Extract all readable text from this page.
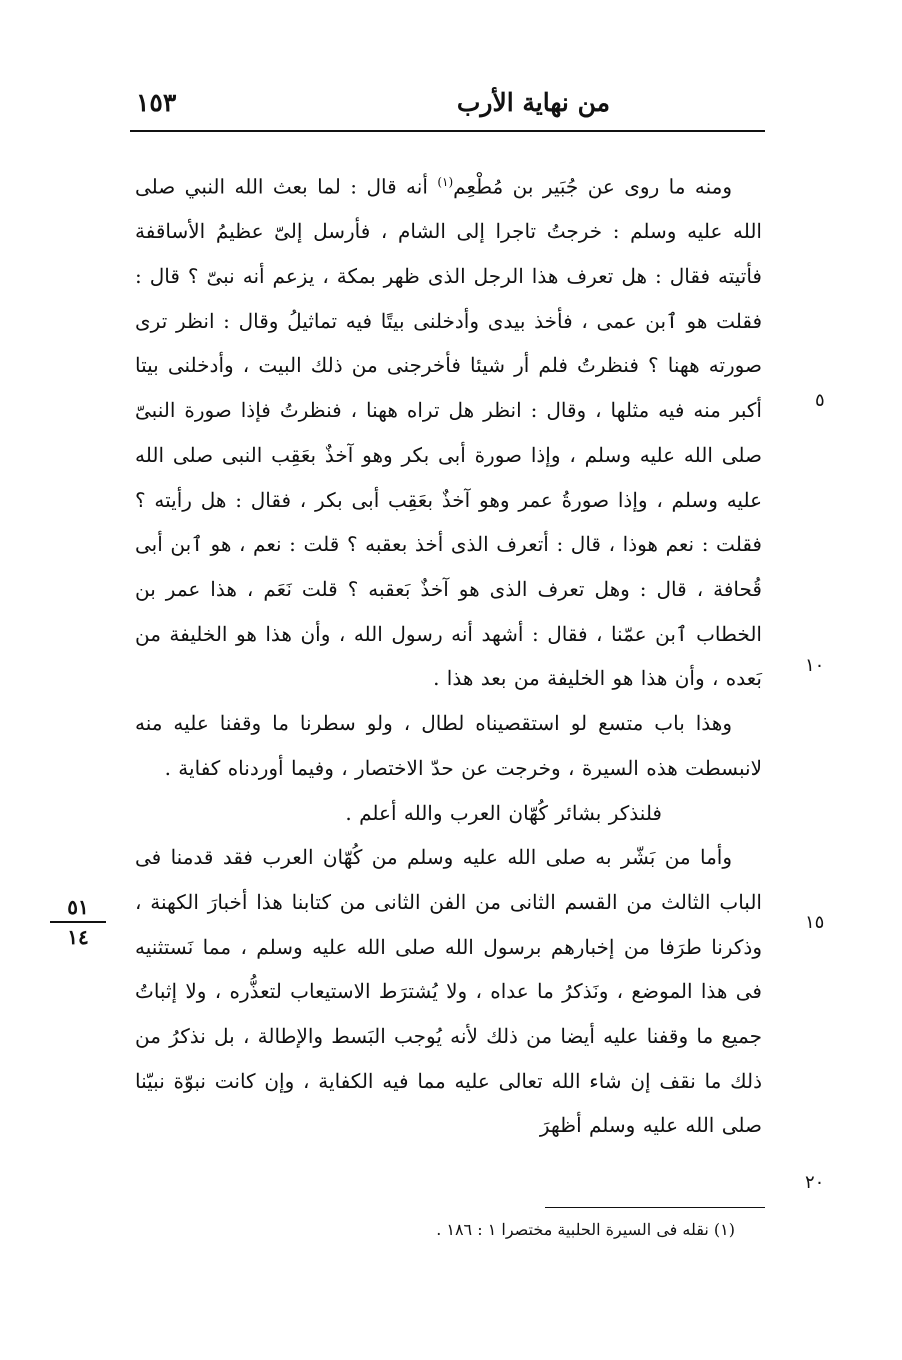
من نهاية الأرب
١٥٣

ومنه ما روى عن جُبَير بن مُطْعِم$^{(١)}$ أنه قال : لما بعث الله النبي صلى الله عليه وسلم : خرجتُ تاجرا إلى الشام ، فأرسل إلىّ عظيمُ الأساقفة فأتيته فقال : هل تعرف هذا الرجل الذى ظهر بمكة ، يزعم أنه نبىّ ؟ قال : فقلت هو ٱبن عمى ، فأخذ بيدى وأدخلنى بيتًا فيه تماثيلُ وقال : انظر ترى صورته ههنا ؟ فنظرتُ فلم أر شيئا فأخرجنى من ذلك البيت ، وأدخلنى بيتا أكبر منه فيه مثلها ، وقال : انظر هل تراه ههنا ، فنظرتُ فإذا صورة النبىّ صلى الله عليه وسلم ، وإذا صورة أبى بكر وهو آخذٌ بعَقِب النبى صلى الله عليه وسلم ، وإذا صورةُ عمر وهو آخذٌ بعَقِب أبى بكر ، فقال : هل رأيته ؟ فقلت : نعم هوذا ، قال : أتعرف الذى أخذ بعقبه ؟ قلت : نعم ، هو ٱبن أبى قُحافة ، قال : وهل تعرف الذى هو آخذٌ بَعقبه ؟ قلت نَعَم ، هذا عمر بن الخطاب ٱبن عمّنا ، فقال : أشهد أنه رسول الله ، وأن هذا هو الخليفة من بَعده ، وأن هذا هو الخليفة من بعد هذا .

وهذا باب متسع لو استقصيناه لطال ، ولو سطرنا ما وقفنا عليه منه لانبسطت هذه السيرة ، وخرجت عن حدّ الاختصار ، وفيما أوردناه كفاية .

فلنذكر بشائر كُهّان العرب والله أعلم .

وأما من بَشّر به صلى الله عليه وسلم من كُهّان العرب فقد قدمنا فى الباب الثالث من القسم الثانى من الفن الثانى من كتابنا هذا أخبارَ الكهنة ، وذكرنا طرَفا من إخبارهم برسول الله صلى الله عليه وسلم ، مما نَستثنيه فى هذا الموضع ، ونَذكرُ ما عداه ، ولا يُشترَط الاستيعاب لتعذُّره ، ولا إثباتُ جميع ما وقفنا عليه أيضا من ذلك لأنه يُوجب البَسط والإطالة ، بل نذكرُ من ذلك ما نقف إن شاء الله تعالى عليه مما فيه الكفاية ، وإن كانت نبوّة نبيّنا صلى الله عليه وسلم أظهرَ

٥
١٠
١٥
٢٠
٥١
١٤
(١) نقله فى السيرة الحلبية مختصرا ١ : ١٨٦ .
